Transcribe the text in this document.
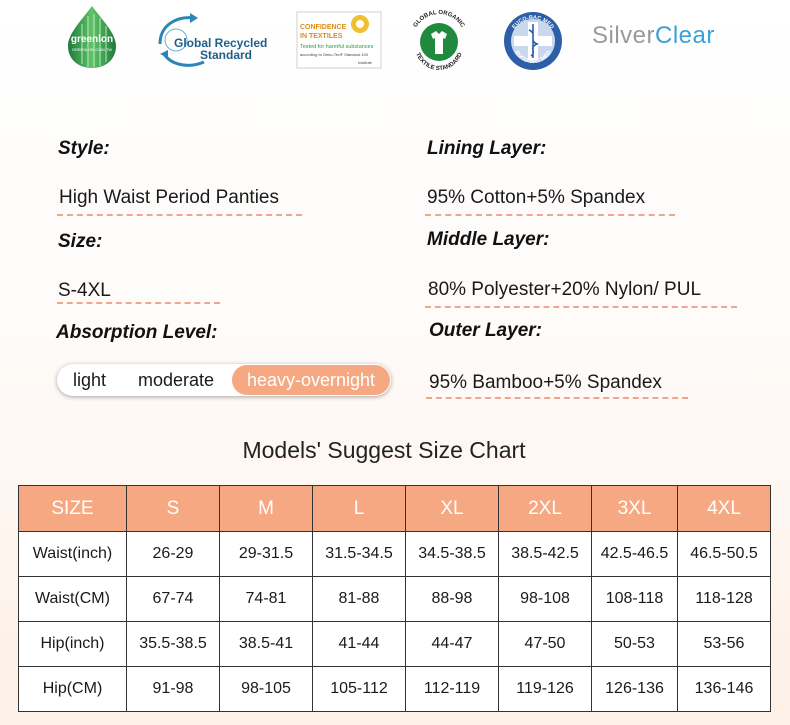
greenlon
GREENLON.COM.TW	Global Recycled
Standard
CONFIDENCE
IN TEXTILES
Tested for harmful substances
according to Oeko-Tex® Standard 100
Institute
GLOBAL ORGANIC
TEXTILE STANDARD
EUCO-BAC MED
EUCO-BAC MED
SilverClear
Style:
High Waist Period Panties
Size:
S-4XL
Absorption Level:
light moderate	heavy-overnight
Lining Layer:
95% Cotton+5% Spandex
Middle Layer:
80% Polyester+20% Nylon/ PUL
Outer Layer:
95% Bamboo+5% Spandex
Models' Suggest Size Chart
SIZE	S	M	L	XL	2XL	3XL	4XL
Waist(inch)	26-29	29-31.5	31.5-34.5	34.5-38.5	38.5-42.5	42.5-46.5	46.5-50.5
Waist(CM)	67-74	74-81	81-88	88-98	98-108	108-118	118-128
Hip(inch)	35.5-38.5	38.5-41	41-44	44-47	47-50	50-53	53-56
Hip(CM)	91-98	98-105	105-112	112-119	119-126	126-136	136-146
